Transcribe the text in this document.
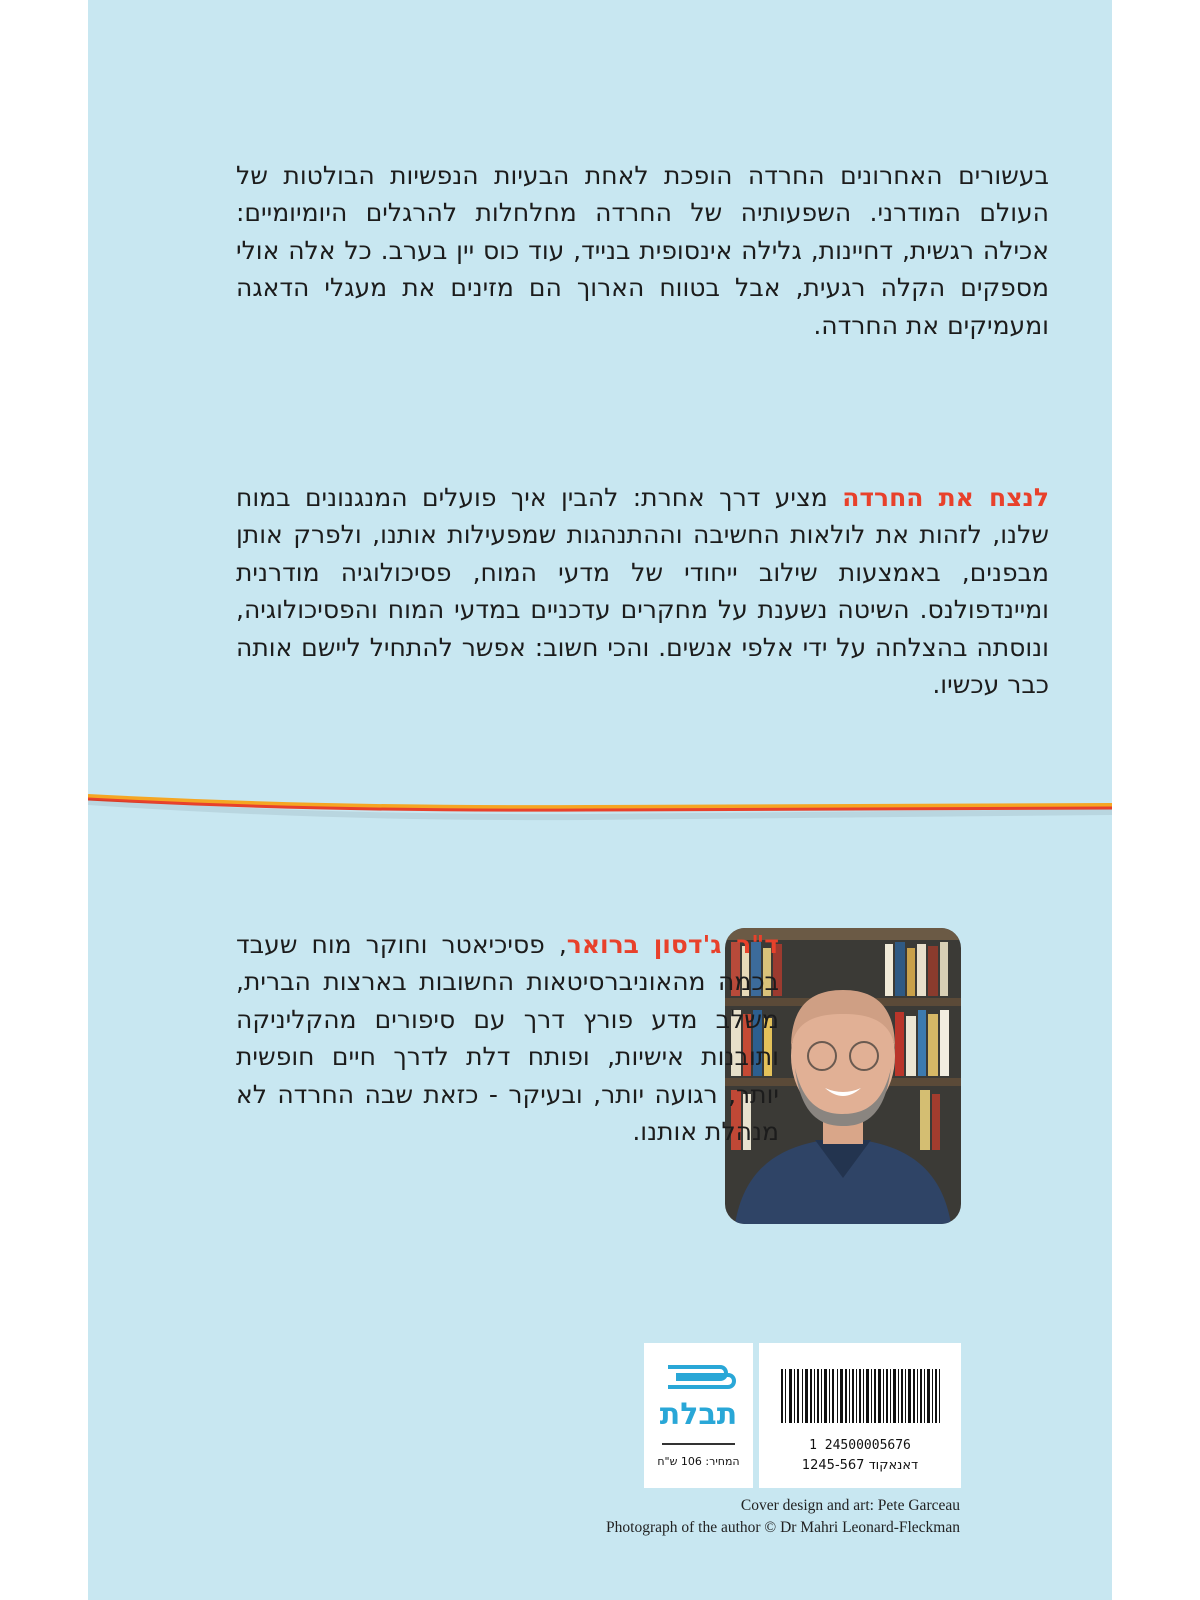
בעשורים האחרונים החרדה הופכת לאחת הבעיות הנפשיות הבולטות של העולם המודרני. השפעותיה של החרדה מחלחלות להרגלים היומיומיים: אכילה רגשית, דחיינות, גלילה אינסופית בנייד, עוד כוס יין בערב. כל אלה אולי מספקים הקלה רגעית, אבל בטווח הארוך הם מזינים את מעגלי הדאגה ומעמיקים את החרדה.
לנצח את החרדה מציע דרך אחרת: להבין איך פועלים המנגנונים במוח שלנו, לזהות את לולאות החשיבה וההתנהגות שמפעילות אותנו, ולפרק אותן מבפנים, באמצעות שילוב ייחודי של מדעי המוח, פסיכולוגיה מודרנית ומיינדפולנס. השיטה נשענת על מחקרים עדכניים במדעי המוח והפסיכולוגיה, ונוסתה בהצלחה על ידי אלפי אנשים. והכי חשוב: אפשר להתחיל ליישם אותה כבר עכשיו.
ד"ר ג'דסון ברואר, פסיכיאטר וחוקר מוח שעבד בכמה מהאוניברסיטאות החשובות בארצות הברית, משלב מדע פורץ דרך עם סיפורים מהקליניקה ותובנות אישיות, ופותח דלת לדרך חיים חופשית יותר, רגועה יותר, ובעיקר - כזאת שבה החרדה לא מנהלת אותנו.
תבלת
המחיר: 106 ש"ח
1 24500005676
דאנאקוד 1245-567
Cover design and art: Pete Garceau
Photograph of the author © Dr Mahri Leonard-Fleckman
